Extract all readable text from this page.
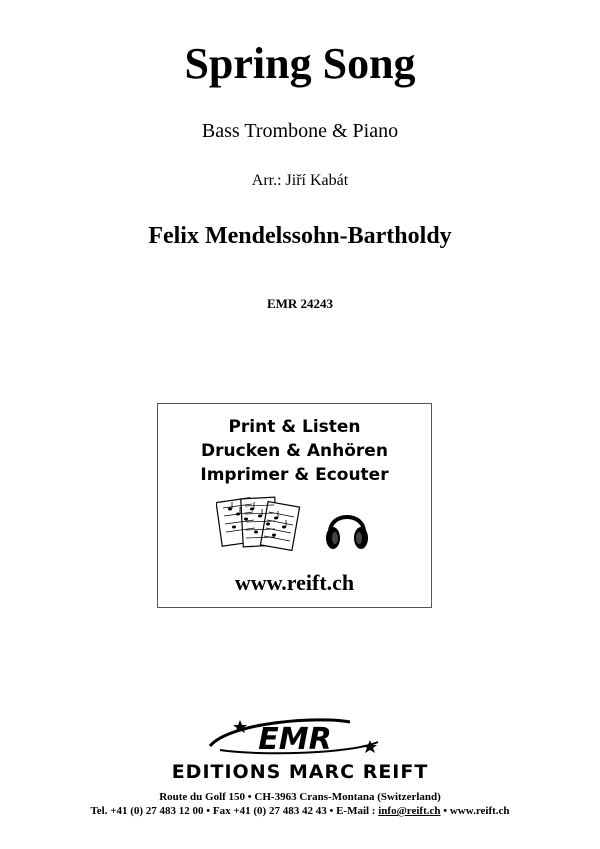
Spring Song
Bass Trombone & Piano
Arr.: Jiří Kabát
Felix Mendelssohn-Bartholdy
EMR 24243
Print & Listen
Drucken & Anhören
Imprimer & Ecouter
www.reift.ch
EMR
EDITIONS MARC REIFT
Route du Golf 150 • CH-3963 Crans-Montana (Switzerland)
Tel. +41 (0) 27 483 12 00 • Fax +41 (0) 27 483 42 43 • E-Mail : info@reift.ch • www.reift.ch
